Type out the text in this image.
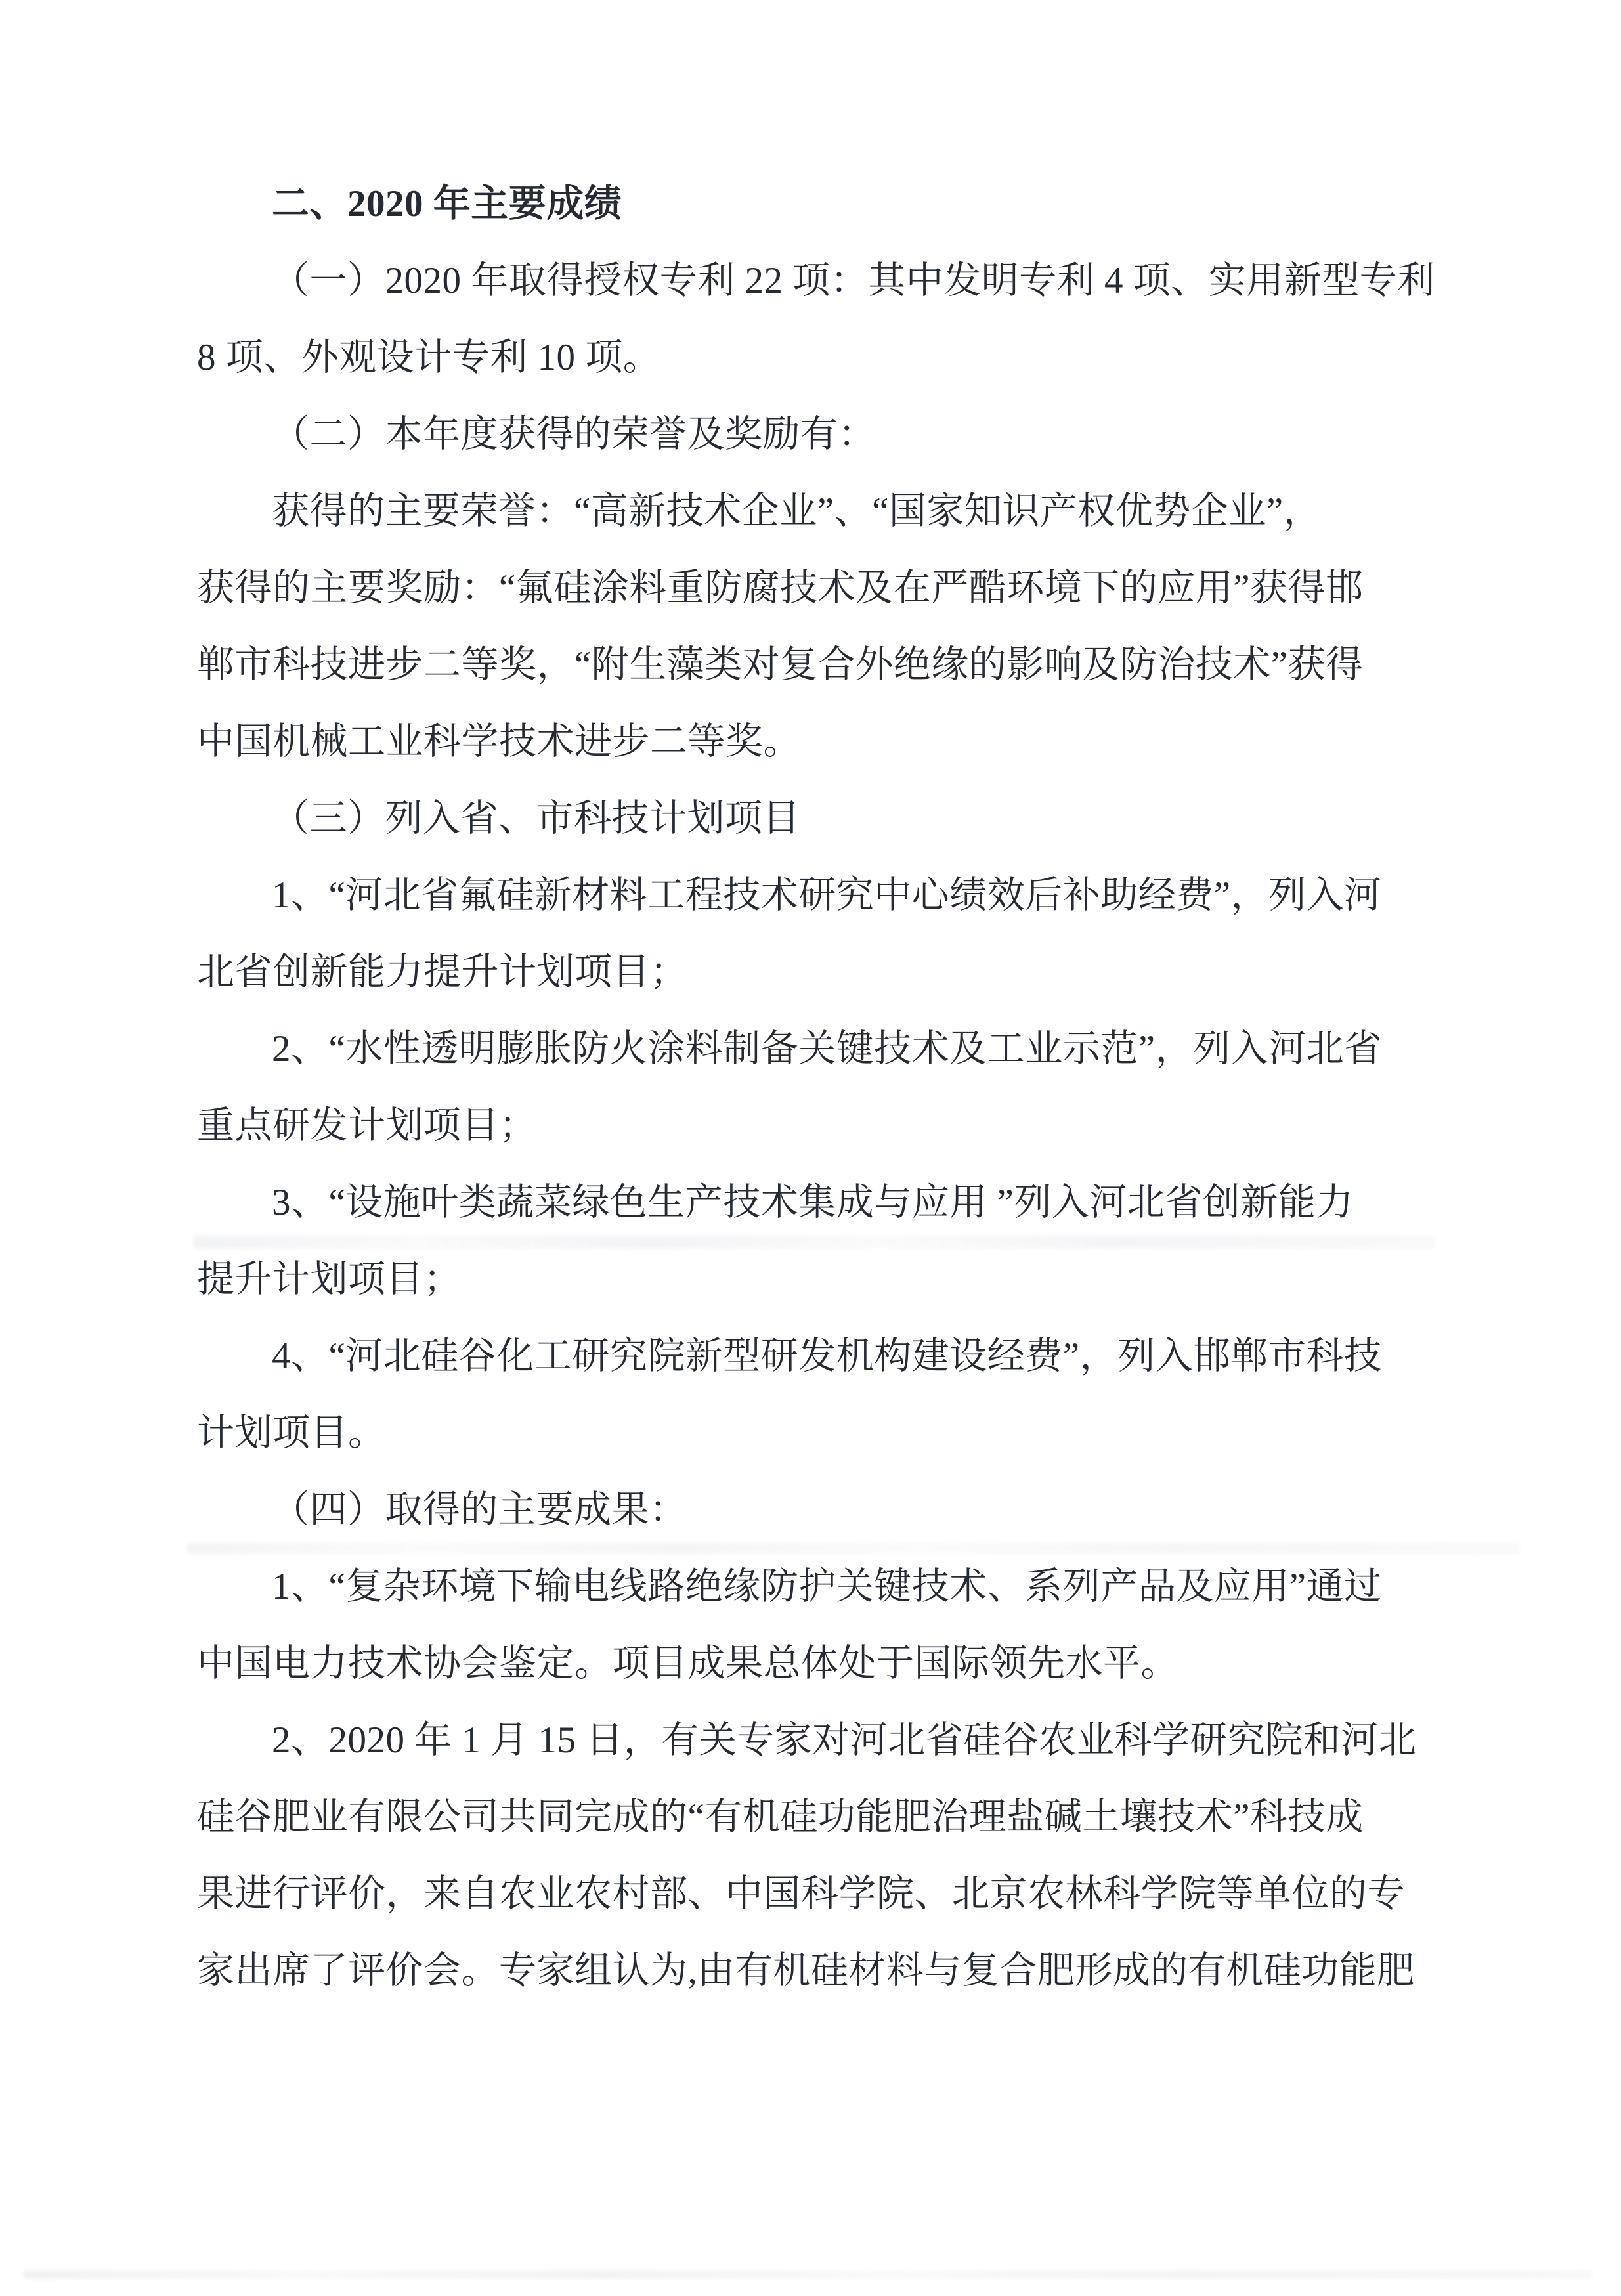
二、2020 年主要成绩
（一）2020 年取得授权专利 22 项：其中发明专利 4 项、实用新型专利
8 项、外观设计专利 10 项。
（二）本年度获得的荣誉及奖励有：
获得的主要荣誉：“高新技术企业”、“国家知识产权优势企业”，
获得的主要奖励：“氟硅涂料重防腐技术及在严酷环境下的应用”获得邯
郸市科技进步二等奖，“附生藻类对复合外绝缘的影响及防治技术”获得
中国机械工业科学技术进步二等奖。
（三）列入省、市科技计划项目
1、“河北省氟硅新材料工程技术研究中心绩效后补助经费”，列入河
北省创新能力提升计划项目；
2、“水性透明膨胀防火涂料制备关键技术及工业示范”，列入河北省
重点研发计划项目；
3、“设施叶类蔬菜绿色生产技术集成与应用 ”列入河北省创新能力
提升计划项目；
4、“河北硅谷化工研究院新型研发机构建设经费”，列入邯郸市科技
计划项目。
（四）取得的主要成果：
1、“复杂环境下输电线路绝缘防护关键技术、系列产品及应用”通过
中国电力技术协会鉴定。项目成果总体处于国际领先水平。
2、2020 年 1 月 15 日，有关专家对河北省硅谷农业科学研究院和河北
硅谷肥业有限公司共同完成的“有机硅功能肥治理盐碱土壤技术”科技成
果进行评价，来自农业农村部、中国科学院、北京农林科学院等单位的专
家出席了评价会。专家组认为,由有机硅材料与复合肥形成的有机硅功能肥
